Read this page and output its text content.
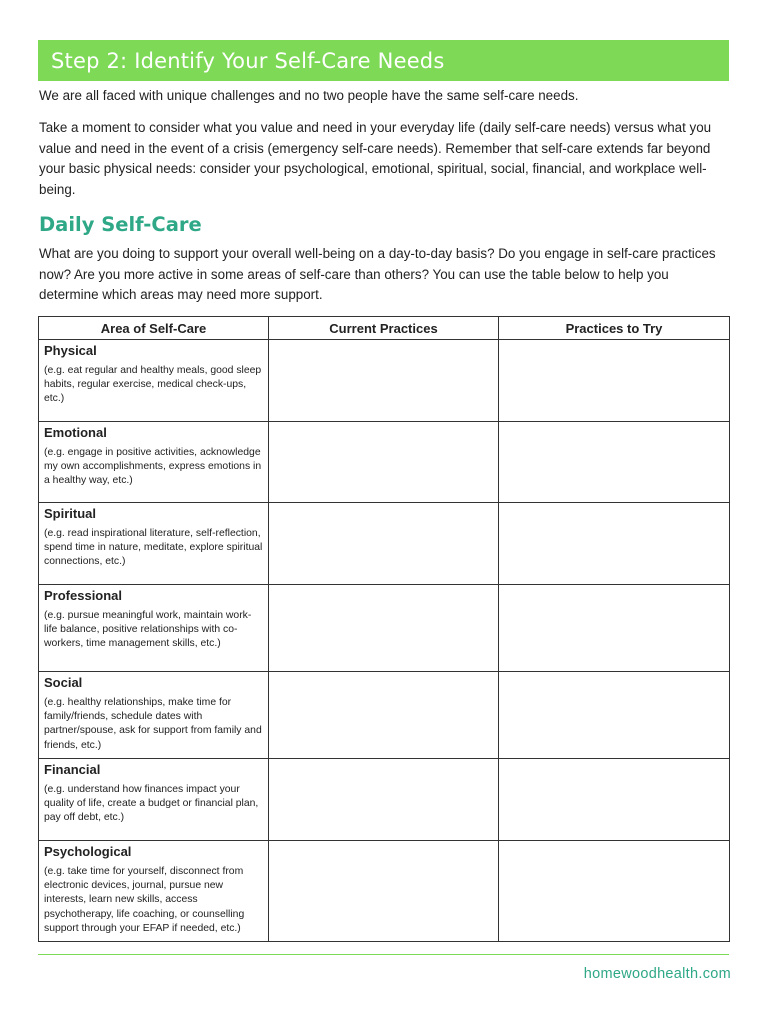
Step 2: Identify Your Self-Care Needs

We are all faced with unique challenges and no two people have the same self-care needs.

Take a moment to consider what you value and need in your everyday life (daily self-care needs) versus what you value and need in the event of a crisis (emergency self-care needs). Remember that self-care extends far beyond your basic physical needs: consider your psychological, emotional, spiritual, social, financial, and workplace well-being.

Daily Self-Care

What are you doing to support your overall well-being on a day-to-day basis? Do you engage in self-care practices now? Are you more active in some areas of self-care than others? You can use the table below to help you determine which areas may need more support.

Area of Self-Care	Current Practices	Practices to Try

Physical
(e.g. eat regular and healthy meals, good sleep habits, regular exercise, medical check-ups, etc.)		

Emotional
(e.g. engage in positive activities, acknowledge my own accomplishments, express emotions in a healthy way, etc.)		

Spiritual
(e.g. read inspirational literature, self-reflection, spend time in nature, meditate, explore spiritual connections, etc.)		

Professional
(e.g. pursue meaningful work, maintain work-life balance, positive relationships with co-workers, time management skills, etc.)		

Social
(e.g. healthy relationships, make time for family/friends, schedule dates with partner/spouse, ask for support from family and friends, etc.)		

Financial
(e.g. understand how finances impact your quality of life, create a budget or financial plan, pay off debt, etc.)		

Psychological
(e.g. take time for yourself, disconnect from electronic devices, journal, pursue new interests, learn new skills, access psychotherapy, life coaching, or counselling support through your EFAP if needed, etc.)		

homewoodhealth.com
